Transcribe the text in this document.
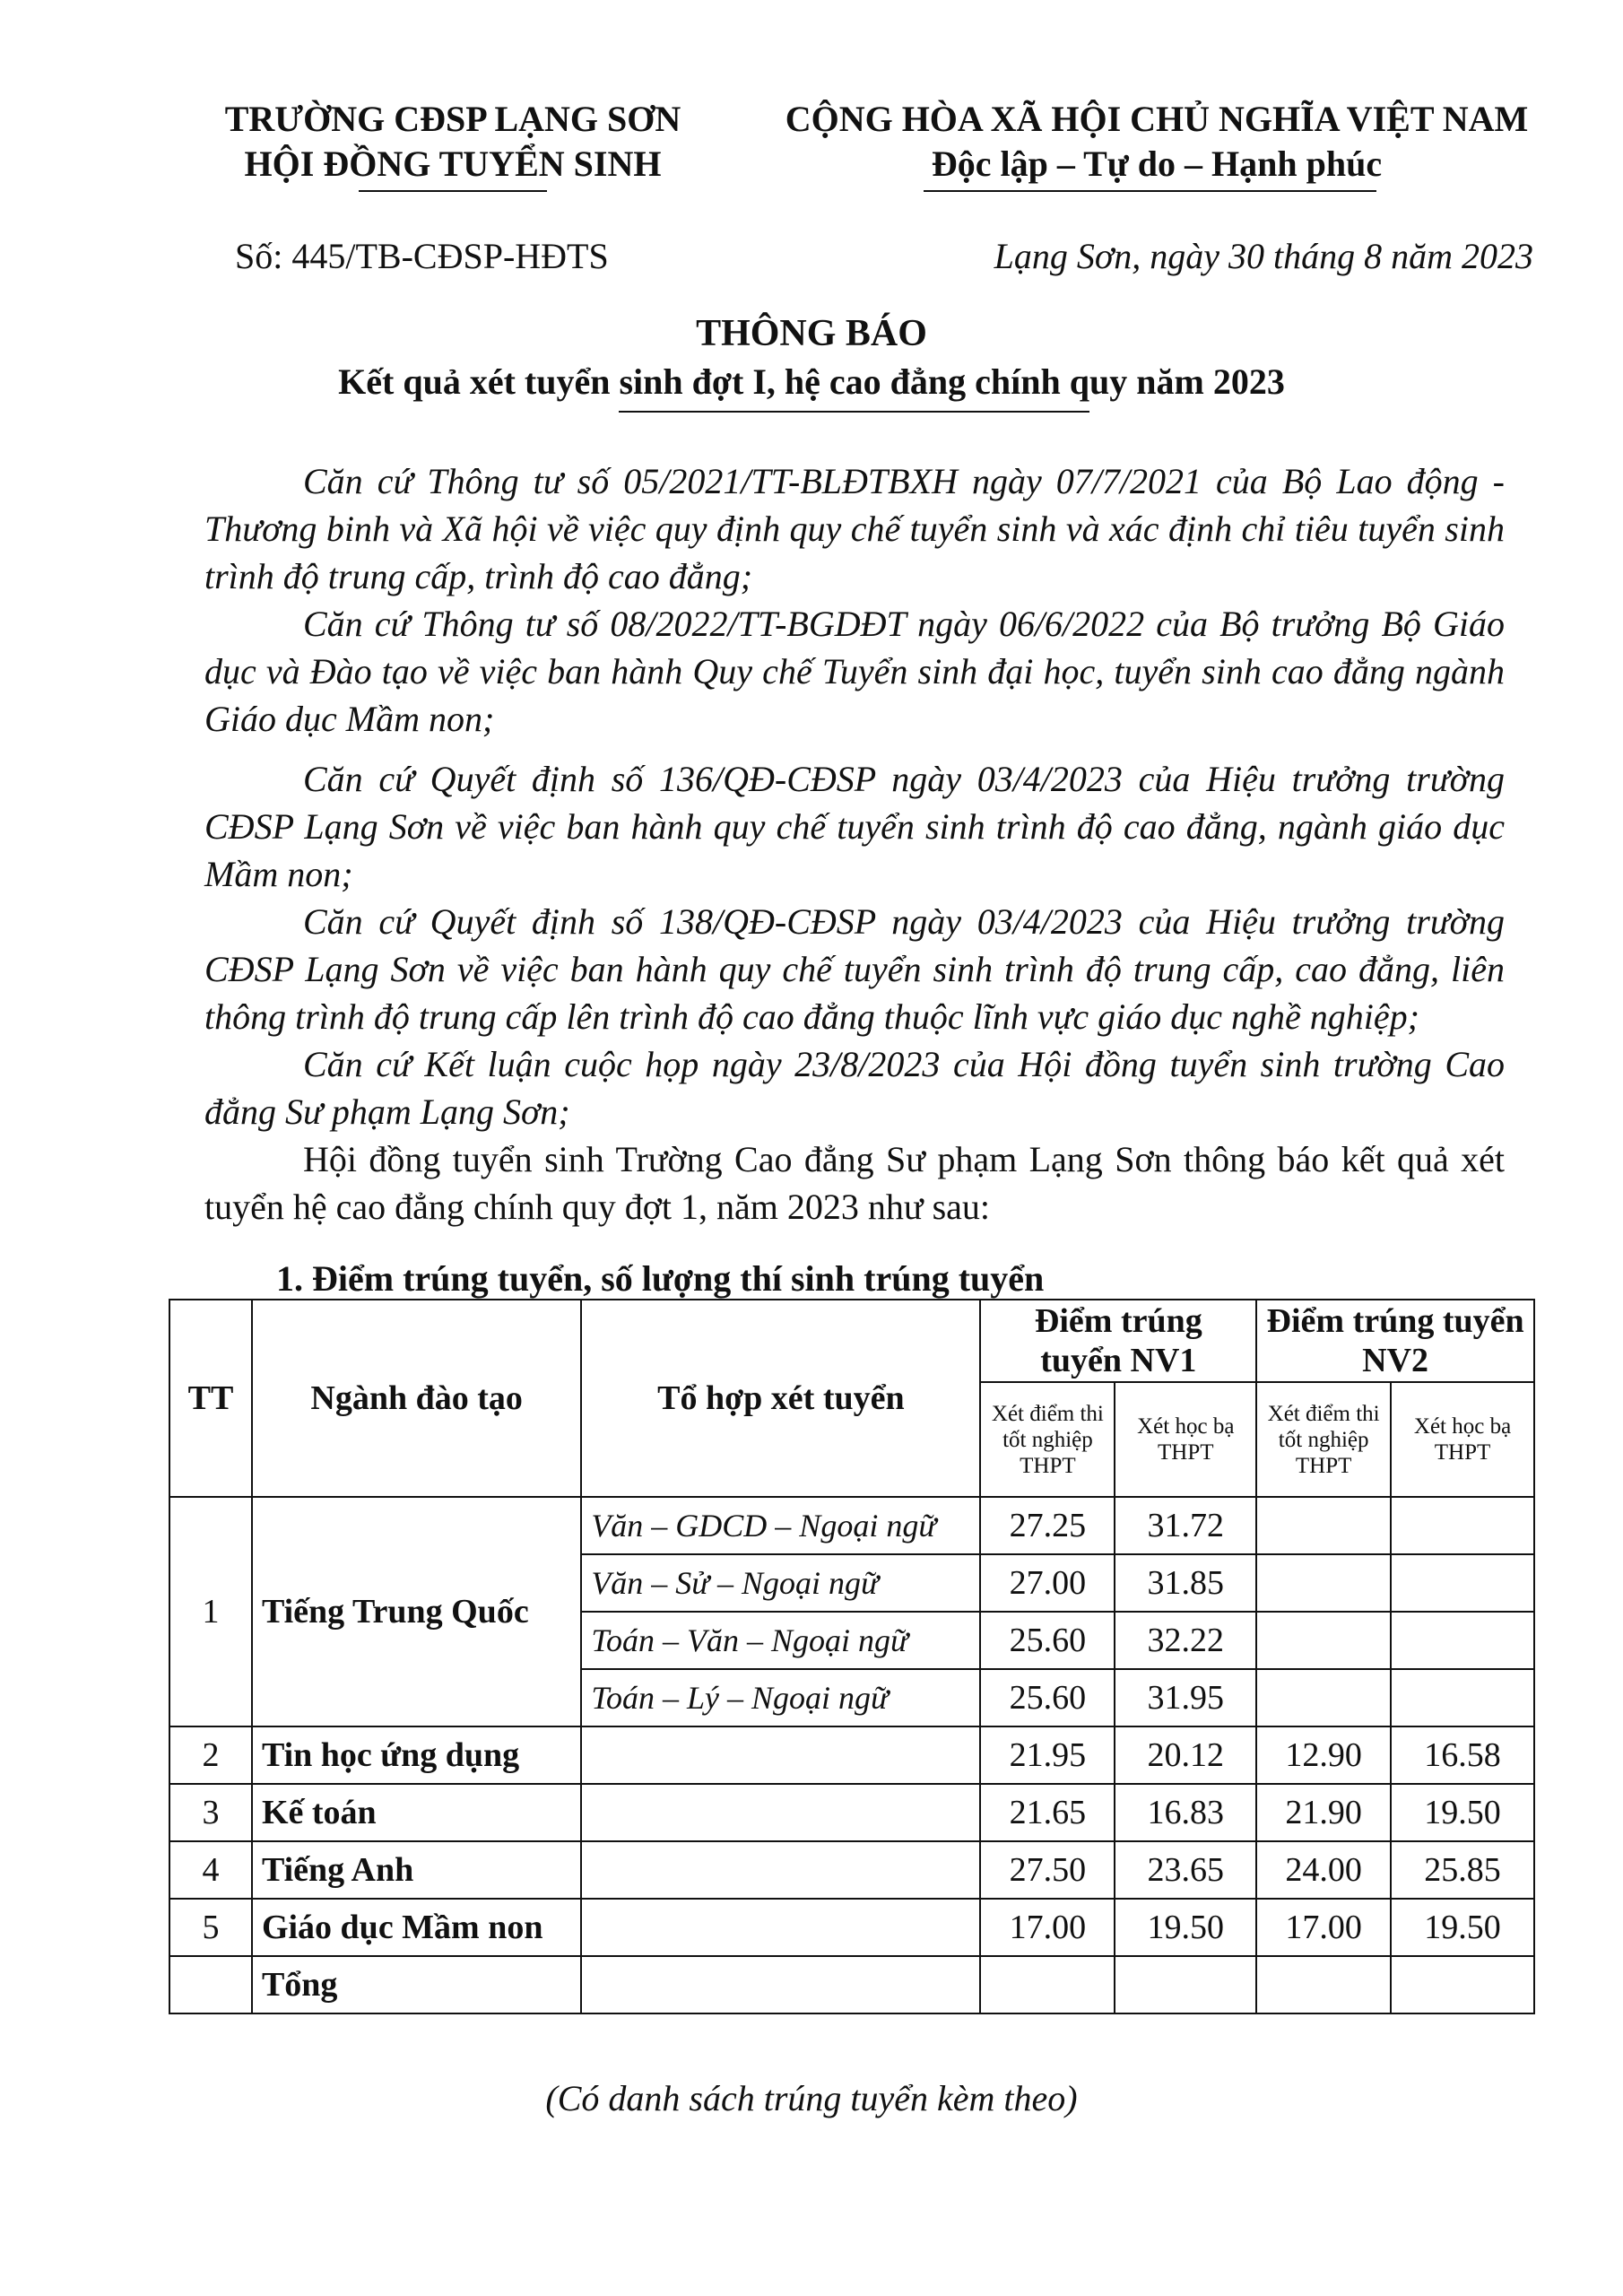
TRƯỜNG CĐSP LẠNG SƠN
HỘI ĐỒNG TUYỂN SINH
CỘNG HÒA XÃ HỘI CHỦ NGHĨA VIỆT NAM
Độc lập – Tự do – Hạnh phúc
Số: 445/TB-CĐSP-HĐTS	Lạng Sơn, ngày 30 tháng 8 năm 2023
THÔNG BÁO
Kết quả xét tuyển sinh đợt I, hệ cao đẳng chính quy năm 2023

Căn cứ Thông tư số 05/2021/TT-BLĐTBXH ngày 07/7/2021 của Bộ Lao động - Thương binh và Xã hội về việc quy định quy chế tuyển sinh và xác định chỉ tiêu tuyển sinh trình độ trung cấp, trình độ cao đẳng;

Căn cứ Thông tư số 08/2022/TT-BGDĐT ngày 06/6/2022 của Bộ trưởng Bộ Giáo dục và Đào tạo về việc ban hành Quy chế Tuyển sinh đại học, tuyển sinh cao đẳng ngành Giáo dục Mầm non;

Căn cứ Quyết định số 136/QĐ-CĐSP ngày 03/4/2023 của Hiệu trưởng trường CĐSP Lạng Sơn về việc ban hành quy chế tuyển sinh trình độ cao đẳng, ngành giáo dục Mầm non;

Căn cứ Quyết định số 138/QĐ-CĐSP ngày 03/4/2023 của Hiệu trưởng trường CĐSP Lạng Sơn về việc ban hành quy chế tuyển sinh trình độ trung cấp, cao đẳng, liên thông trình độ trung cấp lên trình độ cao đẳng thuộc lĩnh vực giáo dục nghề nghiệp;

Căn cứ Kết luận cuộc họp ngày 23/8/2023 của Hội đồng tuyển sinh trường Cao đẳng Sư phạm Lạng Sơn;

Hội đồng tuyển sinh Trường Cao đẳng Sư phạm Lạng Sơn thông báo kết quả xét tuyển hệ cao đẳng chính quy đợt 1, năm 2023 như sau:

1. Điểm trúng tuyển, số lượng thí sinh trúng tuyển
TT	Ngành đào tạo	Tổ hợp xét tuyển	Điểm trúng tuyển NV1		Điểm trúng tuyển NV2	
			Xét điểm thi tốt nghiệp THPT	Xét học bạ THPT	Xét điểm thi tốt nghiệp THPT	Xét học bạ THPT
1	Tiếng Trung Quốc	Văn – GDCD – Ngoại ngữ	27.25	31.72		
		Văn – Sử – Ngoại ngữ	27.00	31.85		
		Toán – Văn – Ngoại ngữ	25.60	32.22		
		Toán – Lý – Ngoại ngữ	25.60	31.95		
2	Tin học ứng dụng		21.95	20.12	12.90	16.58
3	Kế toán		21.65	16.83	21.90	19.50
4	Tiếng Anh		27.50	23.65	24.00	25.85
5	Giáo dục Mầm non		17.00	19.50	17.00	19.50
	Tổng					
(Có danh sách trúng tuyển kèm theo)
